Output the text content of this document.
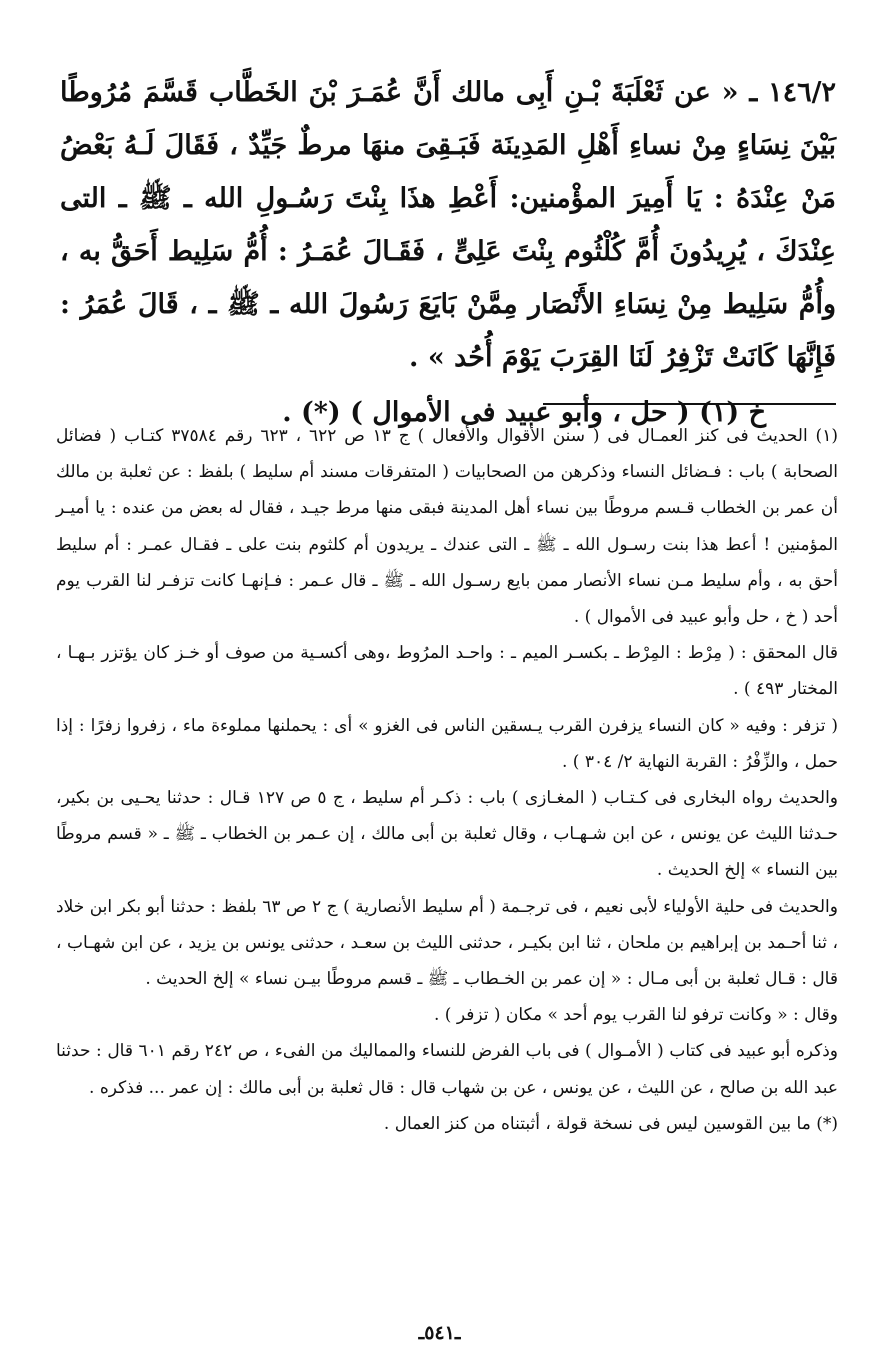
١٤٦/٢ ـ « عن ثَعْلَبَةَ بْـنِ أَبِى مالك أَنَّ عُمَـرَ بْنَ الخَطَّاب قَسَّمَ مُرُوطًا بَيْنَ نِسَاءٍ مِنْ نساءِ أَهْلِ المَدِينَة فَبَـقِىَ منهَا مرطٌ جَيِّدٌ ، فَقَالَ لَـهُ بَعْضُ مَنْ عِنْدَهُ : يَا أَمِيرَ المؤْمنين: أَعْطِ هذَا بِنْتَ رَسُـولِ الله ـ ﷺ ـ التى عِنْدَكَ ، يُرِيدُونَ أُمَّ كُلْثُوم بِنْتَ عَلِىٍّ ، فَقَـالَ عُمَـرُ : أُمُّ سَلِيط أَحَقُّ به ، وأُمُّ سَلِيط مِنْ نِسَاءِ الأَنْصَار مِمَّنْ بَايَعَ رَسُولَ الله ـ ﷺ ـ ، قَالَ عُمَرُ : فَإِنَّهَا كَانَتْ تَزْفِرُ لَنَا القِرَبَ يَوْمَ أُحُد » .

خ (١) ( حل ، وأبو عبيد فى الأموال ) (*) .

(١) الحديث فى كنز العمـال فى ( سنن الأقوال والأفعال ) ج ١٣ ص ٦٢٢ ، ٦٢٣ رقم ٣٧٥٨٤ كتـاب ( فضائل الصحابة ) باب : فـضائل النساء وذكرهن من الصحابيات ( المتفرقات مسند أم سليط ) بلفظ : عن ثعلبة بن مالك أن عمر بن الخطاب قـسم مروطًا بين نساء أهل المدينة فبقى منها مرط جيـد ، فقال له بعض من عنده : يا أميـر المؤمنين ! أعط هذا بنت رسـول الله ـ ﷺ ـ التى عندك ـ يريدون أم كلثوم بنت على ـ فقـال عمـر : أم سليط أحق به ، وأم سليط مـن نساء الأنصار ممن بايع رسـول الله ـ ﷺ ـ قال عـمر : فـإنهـا كانت تزفـر لنا القرب يوم أحد ( خ ، حل وأبو عبيد فى الأموال ) .

قال المحقق : ( مِرْط : المِرْط ـ بكسـر الميم ـ : واحـد المرُوط ،وهى أكسـية من صوف أو خـز كان يؤتزر بـهـا ، المختار ٤٩٣ ) .

( تزفر : وفيه « كان النساء يزفرن القرب يـسقين الناس فى الغزو » أى : يحملنها مملوءة ماء ، زفروا زفرًا : إذا حمل ، والزِّفْرُ : القربة النهاية ٢/ ٣٠٤ ) .

والحديث رواه البخارى فى كـتـاب ( المغـازى ) باب : ذكـر أم سليط ، ج ٥ ص ١٢٧ قـال : حدثنا يحـيى بن بكير، حـدثنا الليث عن يونس ، عن ابن شـهـاب ، وقال ثعلبة بن أبى مالك ، إن عـمر بن الخطاب ـ ﷺ ـ « قسم مروطًا بين النساء » إلخ الحديث .

والحديث فى حلية الأولياء لأبى نعيم ، فى ترجـمة ( أم سليط الأنصارية ) ج ٢ ص ٦٣ بلفظ : حدثنا أبو بكر ابن خلاد ، ثنا أحـمد بن إبراهيم بن ملحان ، ثنا ابن بكيـر ، حدثنى الليث بن سعـد ، حدثنى يونس بن يزيد ، عن ابن شهـاب ، قال : قـال ثعلبة بن أبى مـال : « إن عمر بن الخـطاب ـ ﷺ ـ قسم مروطًا بيـن نساء » إلخ الحديث .

وقال : « وكانت ترفو لنا القرب يوم أحد » مكان ( تزفر ) .

وذكره أبو عبيد فى كتاب ( الأمـوال ) فى باب الفرض للنساء والمماليك من الفىء ، ص ٢٤٢ رقم ٦٠١ قال : حدثنا عبد الله بن صالح ، عن الليث ، عن يونس ، عن بن شهاب قال : قال ثعلبة بن أبى مالك : إن عمر ... فذكره .

(*) ما بين القوسين ليس فى نسخة قولة ، أثبتناه من كنز العمال .

ـ٥٤١ـ
